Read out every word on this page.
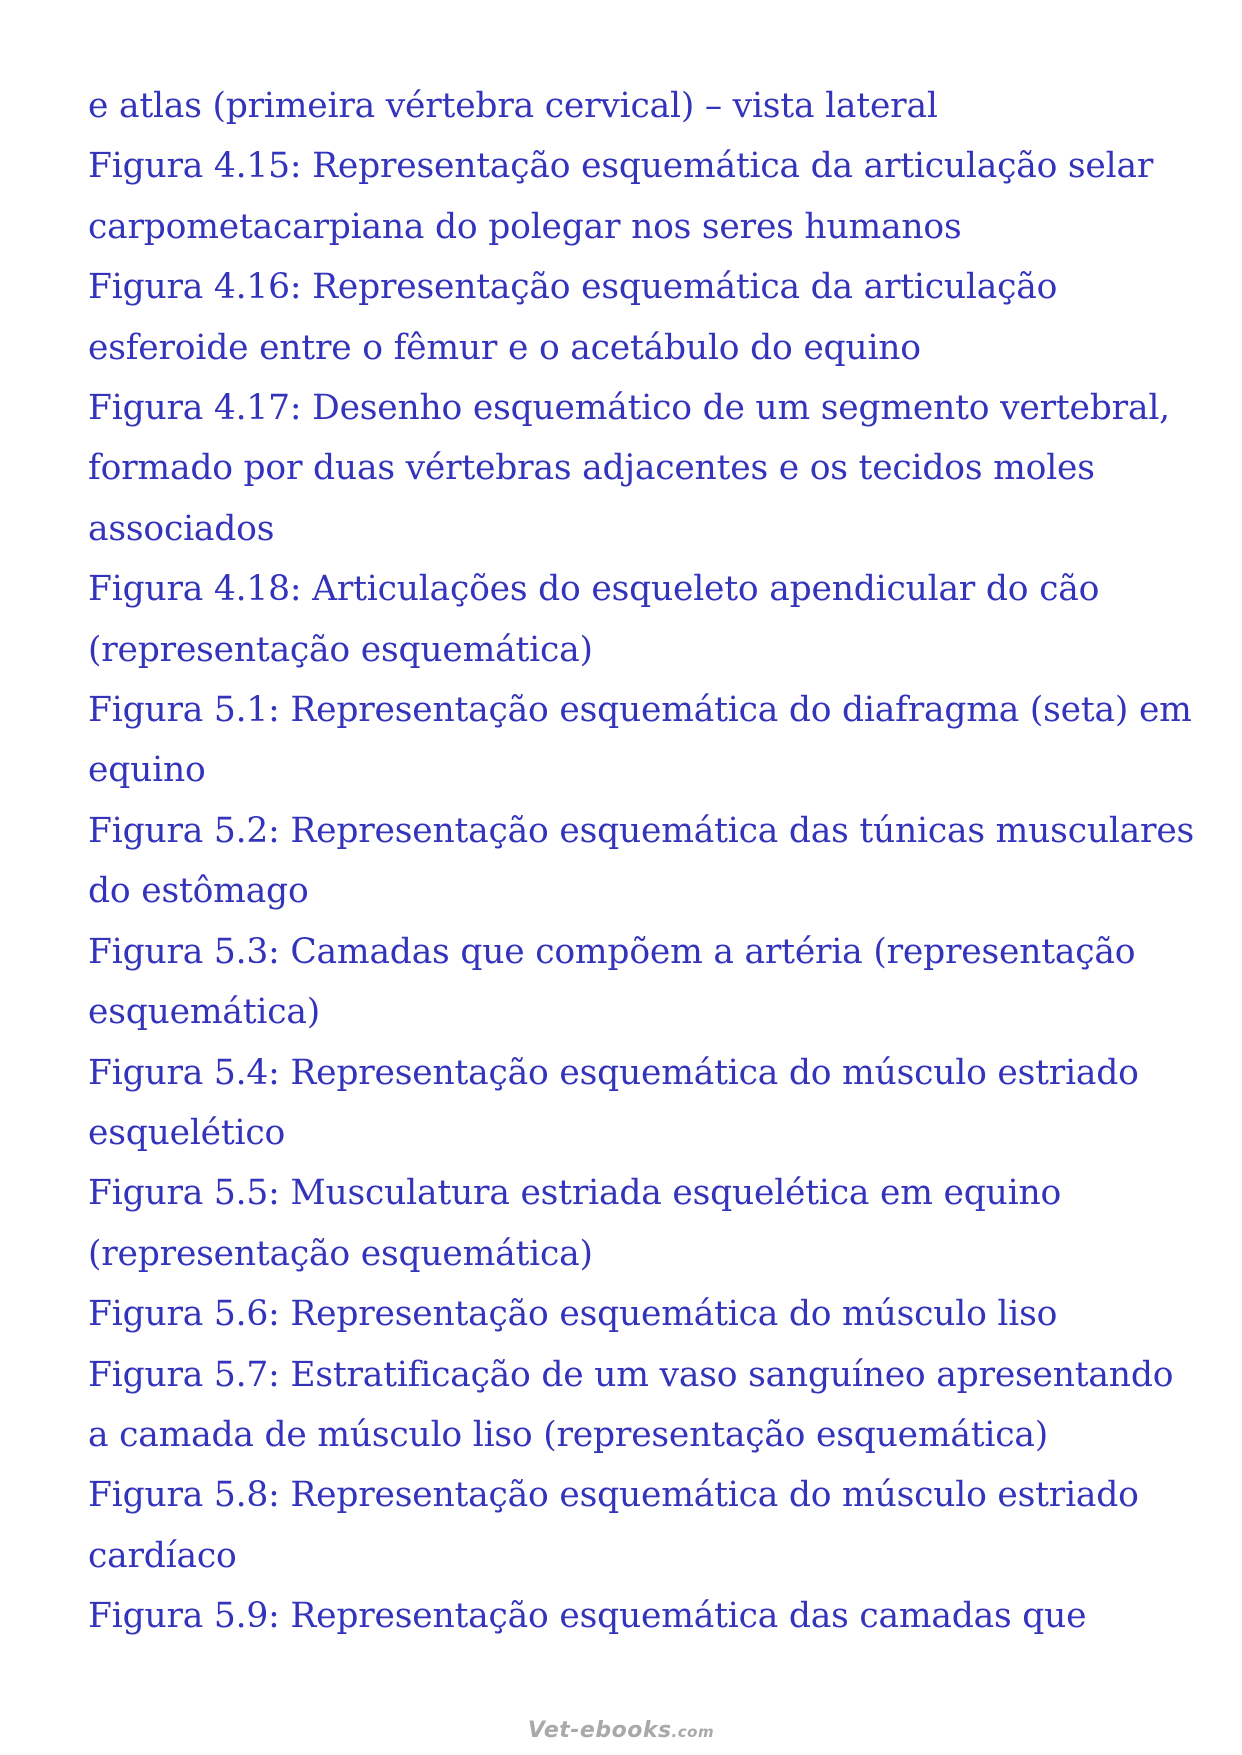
e atlas (primeira vértebra cervical) – vista lateral
Figura 4.15: Representação esquemática da articulação selar carpometacarpiana do polegar nos seres humanos
Figura 4.16: Representação esquemática da articulação esferoide entre o fêmur e o acetábulo do equino
Figura 4.17: Desenho esquemático de um segmento vertebral, formado por duas vértebras adjacentes e os tecidos moles associados
Figura 4.18: Articulações do esqueleto apendicular do cão (representação esquemática)
Figura 5.1: Representação esquemática do diafragma (seta) em equino
Figura 5.2: Representação esquemática das túnicas musculares do estômago
Figura 5.3: Camadas que compõem a artéria (representação esquemática)
Figura 5.4: Representação esquemática do músculo estriado esquelético
Figura 5.5: Musculatura estriada esquelética em equino (representação esquemática)
Figura 5.6: Representação esquemática do músculo liso
Figura 5.7: Estratificação de um vaso sanguíneo apresentando a camada de músculo liso (representação esquemática)
Figura 5.8: Representação esquemática do músculo estriado cardíaco
Figura 5.9: Representação esquemática das camadas que
Vet-ebooks.com
